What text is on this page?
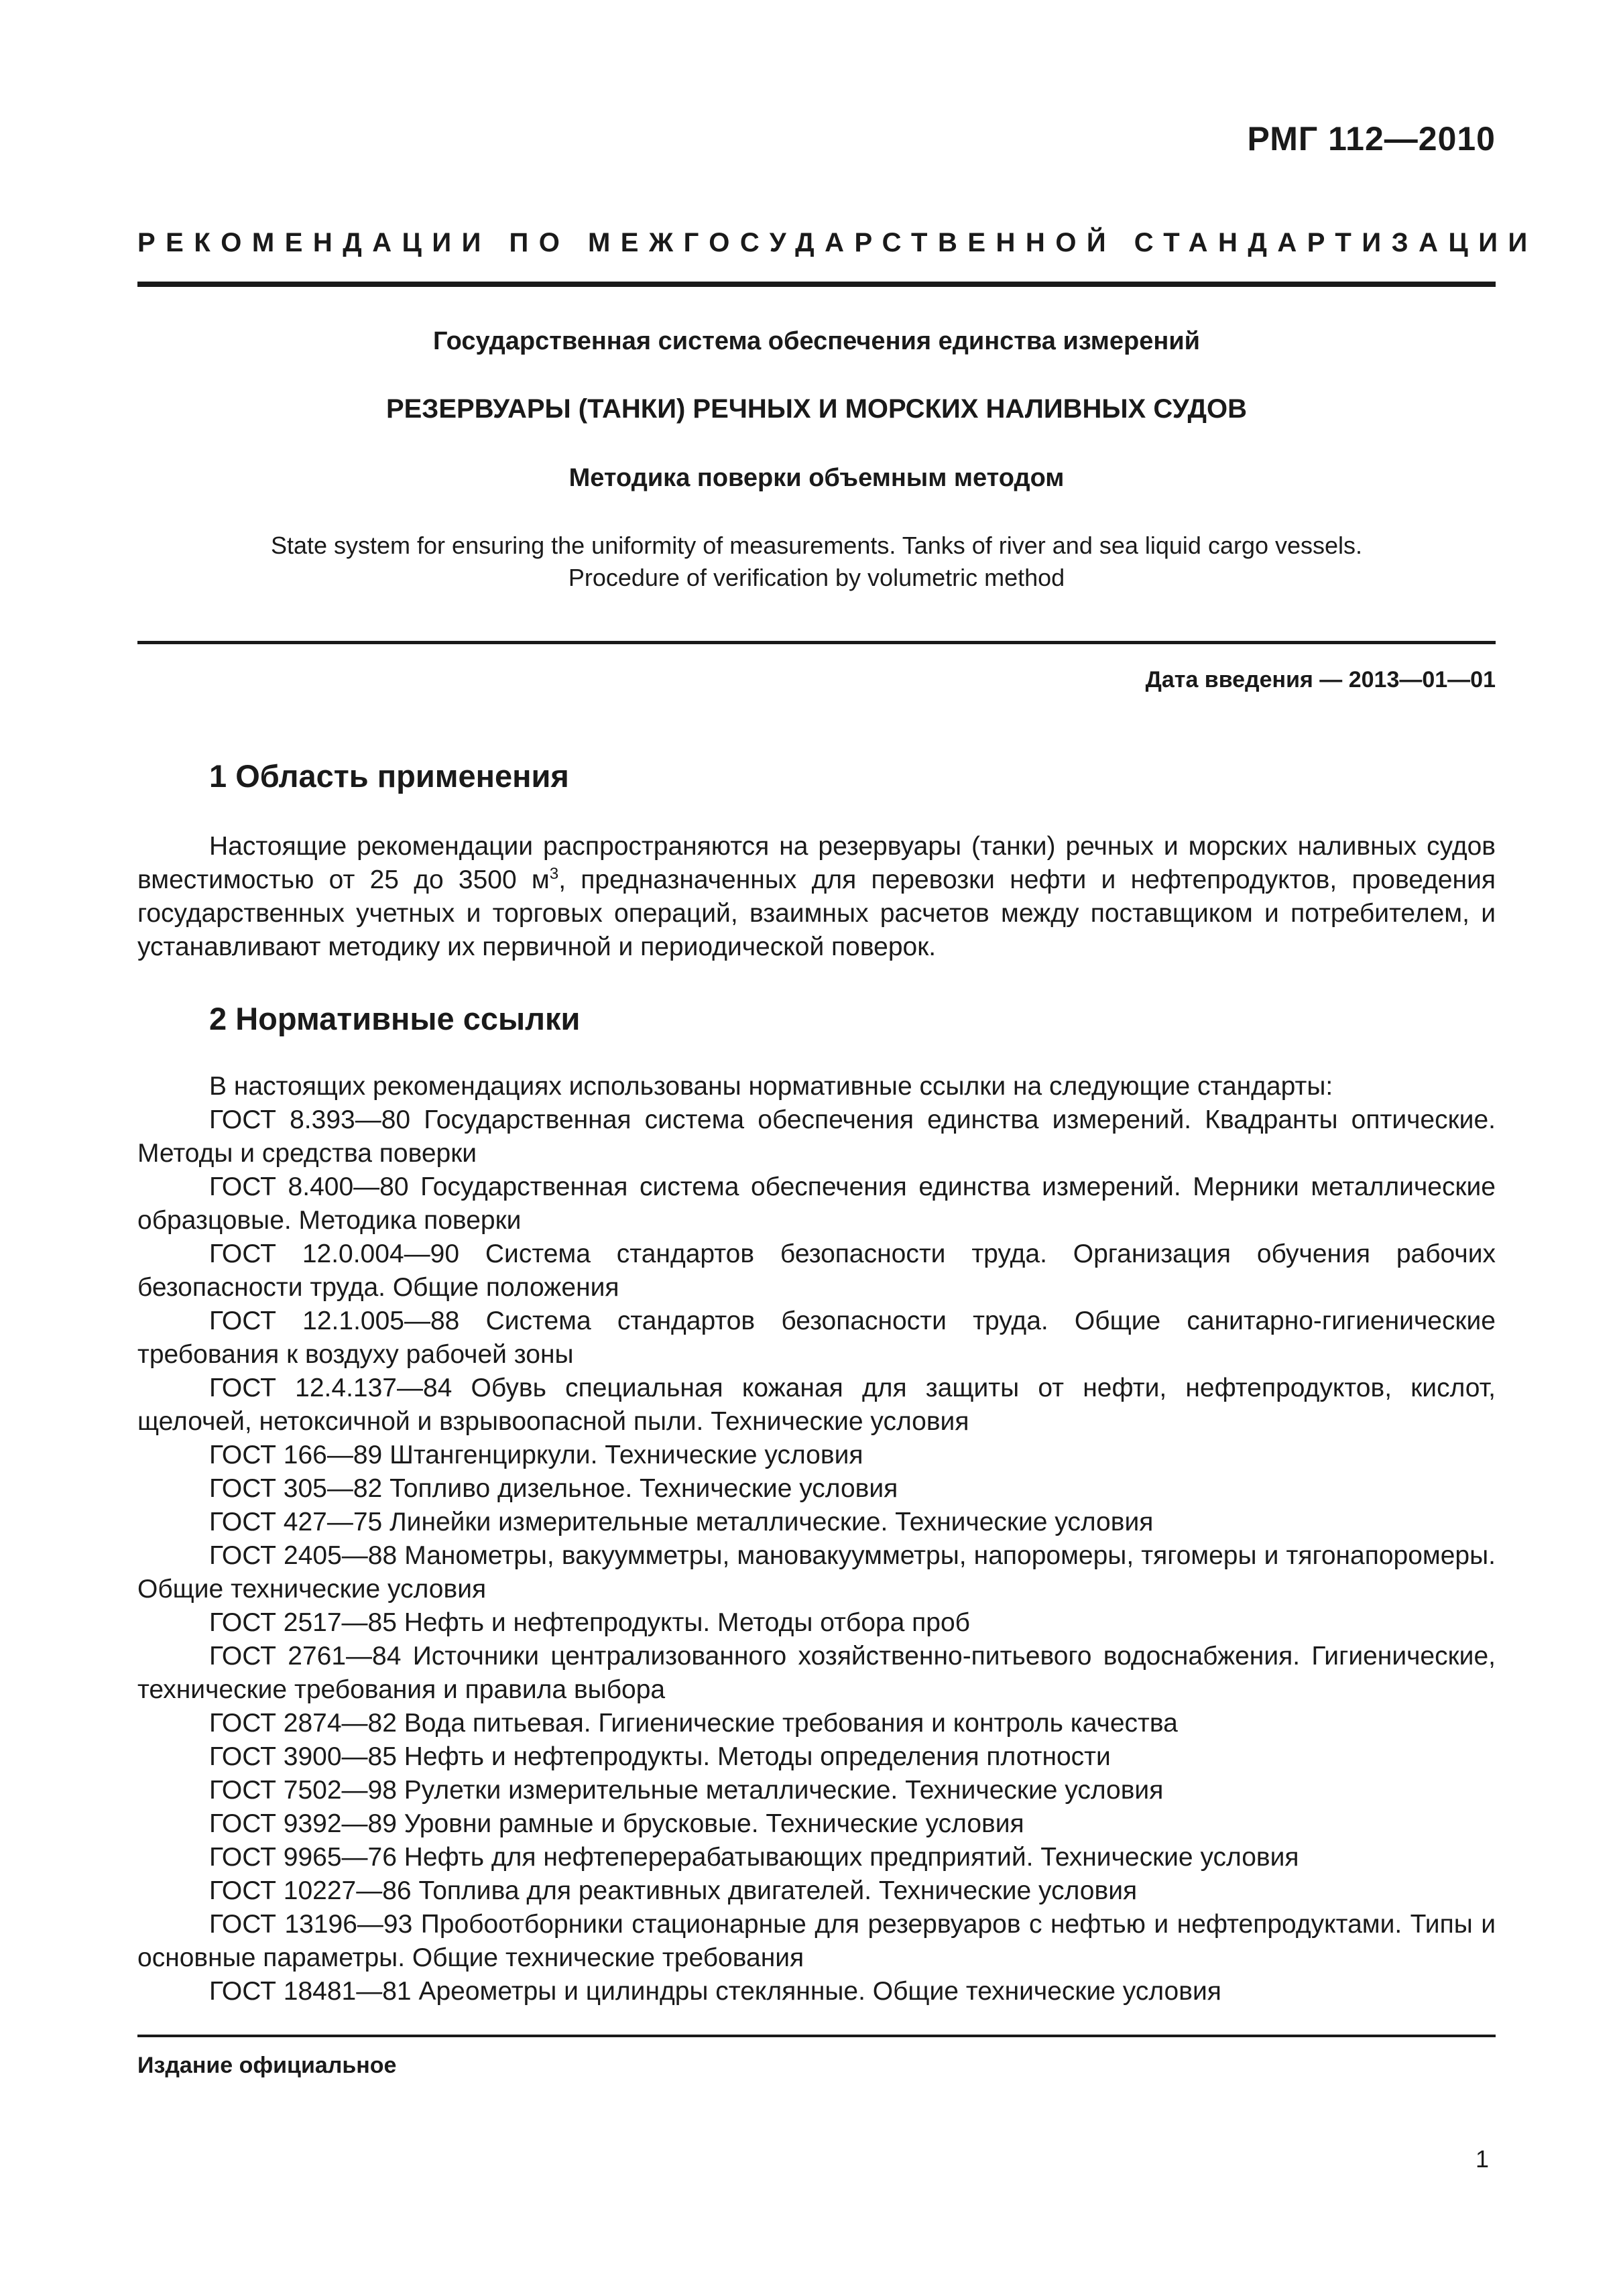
РМГ 112—2010
РЕКОМЕНДАЦИИ ПО МЕЖГОСУДАРСТВЕННОЙ СТАНДАРТИЗАЦИИ
Государственная система обеспечения единства измерений
РЕЗЕРВУАРЫ (ТАНКИ) РЕЧНЫХ И МОРСКИХ НАЛИВНЫХ СУДОВ
Методика поверки объемным методом
State system for ensuring the uniformity of measurements. Tanks of river and sea liquid cargo vessels.
Procedure of verification by volumetric method
Дата введения — 2013—01—01
1 Область применения

Настоящие рекомендации распространяются на резервуары (танки) речных и морских наливных судов вместимостью от 25 до 3500 $м^3$, предназначенных для перевозки нефти и нефтепродуктов, проведения государственных учетных и торговых операций, взаимных расчетов между поставщиком и потребителем, и устанавливают методику их первичной и периодической поверок.

2 Нормативные ссылки

В настоящих рекомендациях использованы нормативные ссылки на следующие стандарты:

ГОСТ 8.393—80 Государственная система обеспечения единства измерений. Квадранты оптические. Методы и средства поверки

ГОСТ 8.400—80 Государственная система обеспечения единства измерений. Мерники металлические образцовые. Методика поверки

ГОСТ 12.0.004—90 Система стандартов безопасности труда. Организация обучения рабочих безопасности труда. Общие положения

ГОСТ 12.1.005—88 Система стандартов безопасности труда. Общие санитарно-гигиенические требования к воздуху рабочей зоны

ГОСТ 12.4.137—84 Обувь специальная кожаная для защиты от нефти, нефтепродуктов, кислот, щелочей, нетоксичной и взрывоопасной пыли. Технические условия

ГОСТ 166—89 Штангенциркули. Технические условия

ГОСТ 305—82 Топливо дизельное. Технические условия

ГОСТ 427—75 Линейки измерительные металлические. Технические условия

ГОСТ 2405—88 Манометры, вакуумметры, мановакуумметры, напоромеры, тягомеры и тягонапоромеры. Общие технические условия

ГОСТ 2517—85 Нефть и нефтепродукты. Методы отбора проб

ГОСТ 2761—84 Источники централизованного хозяйственно-питьевого водоснабжения. Гигиенические, технические требования и правила выбора

ГОСТ 2874—82 Вода питьевая. Гигиенические требования и контроль качества

ГОСТ 3900—85 Нефть и нефтепродукты. Методы определения плотности

ГОСТ 7502—98 Рулетки измерительные металлические. Технические условия

ГОСТ 9392—89 Уровни рамные и брусковые. Технические условия

ГОСТ 9965—76 Нефть для нефтеперерабатывающих предприятий. Технические условия

ГОСТ 10227—86 Топлива для реактивных двигателей. Технические условия

ГОСТ 13196—93 Пробоотборники стационарные для резервуаров с нефтью и нефтепродуктами. Типы и основные параметры. Общие технические требования

ГОСТ 18481—81 Ареометры и цилиндры стеклянные. Общие технические условия

Издание официальное
1
